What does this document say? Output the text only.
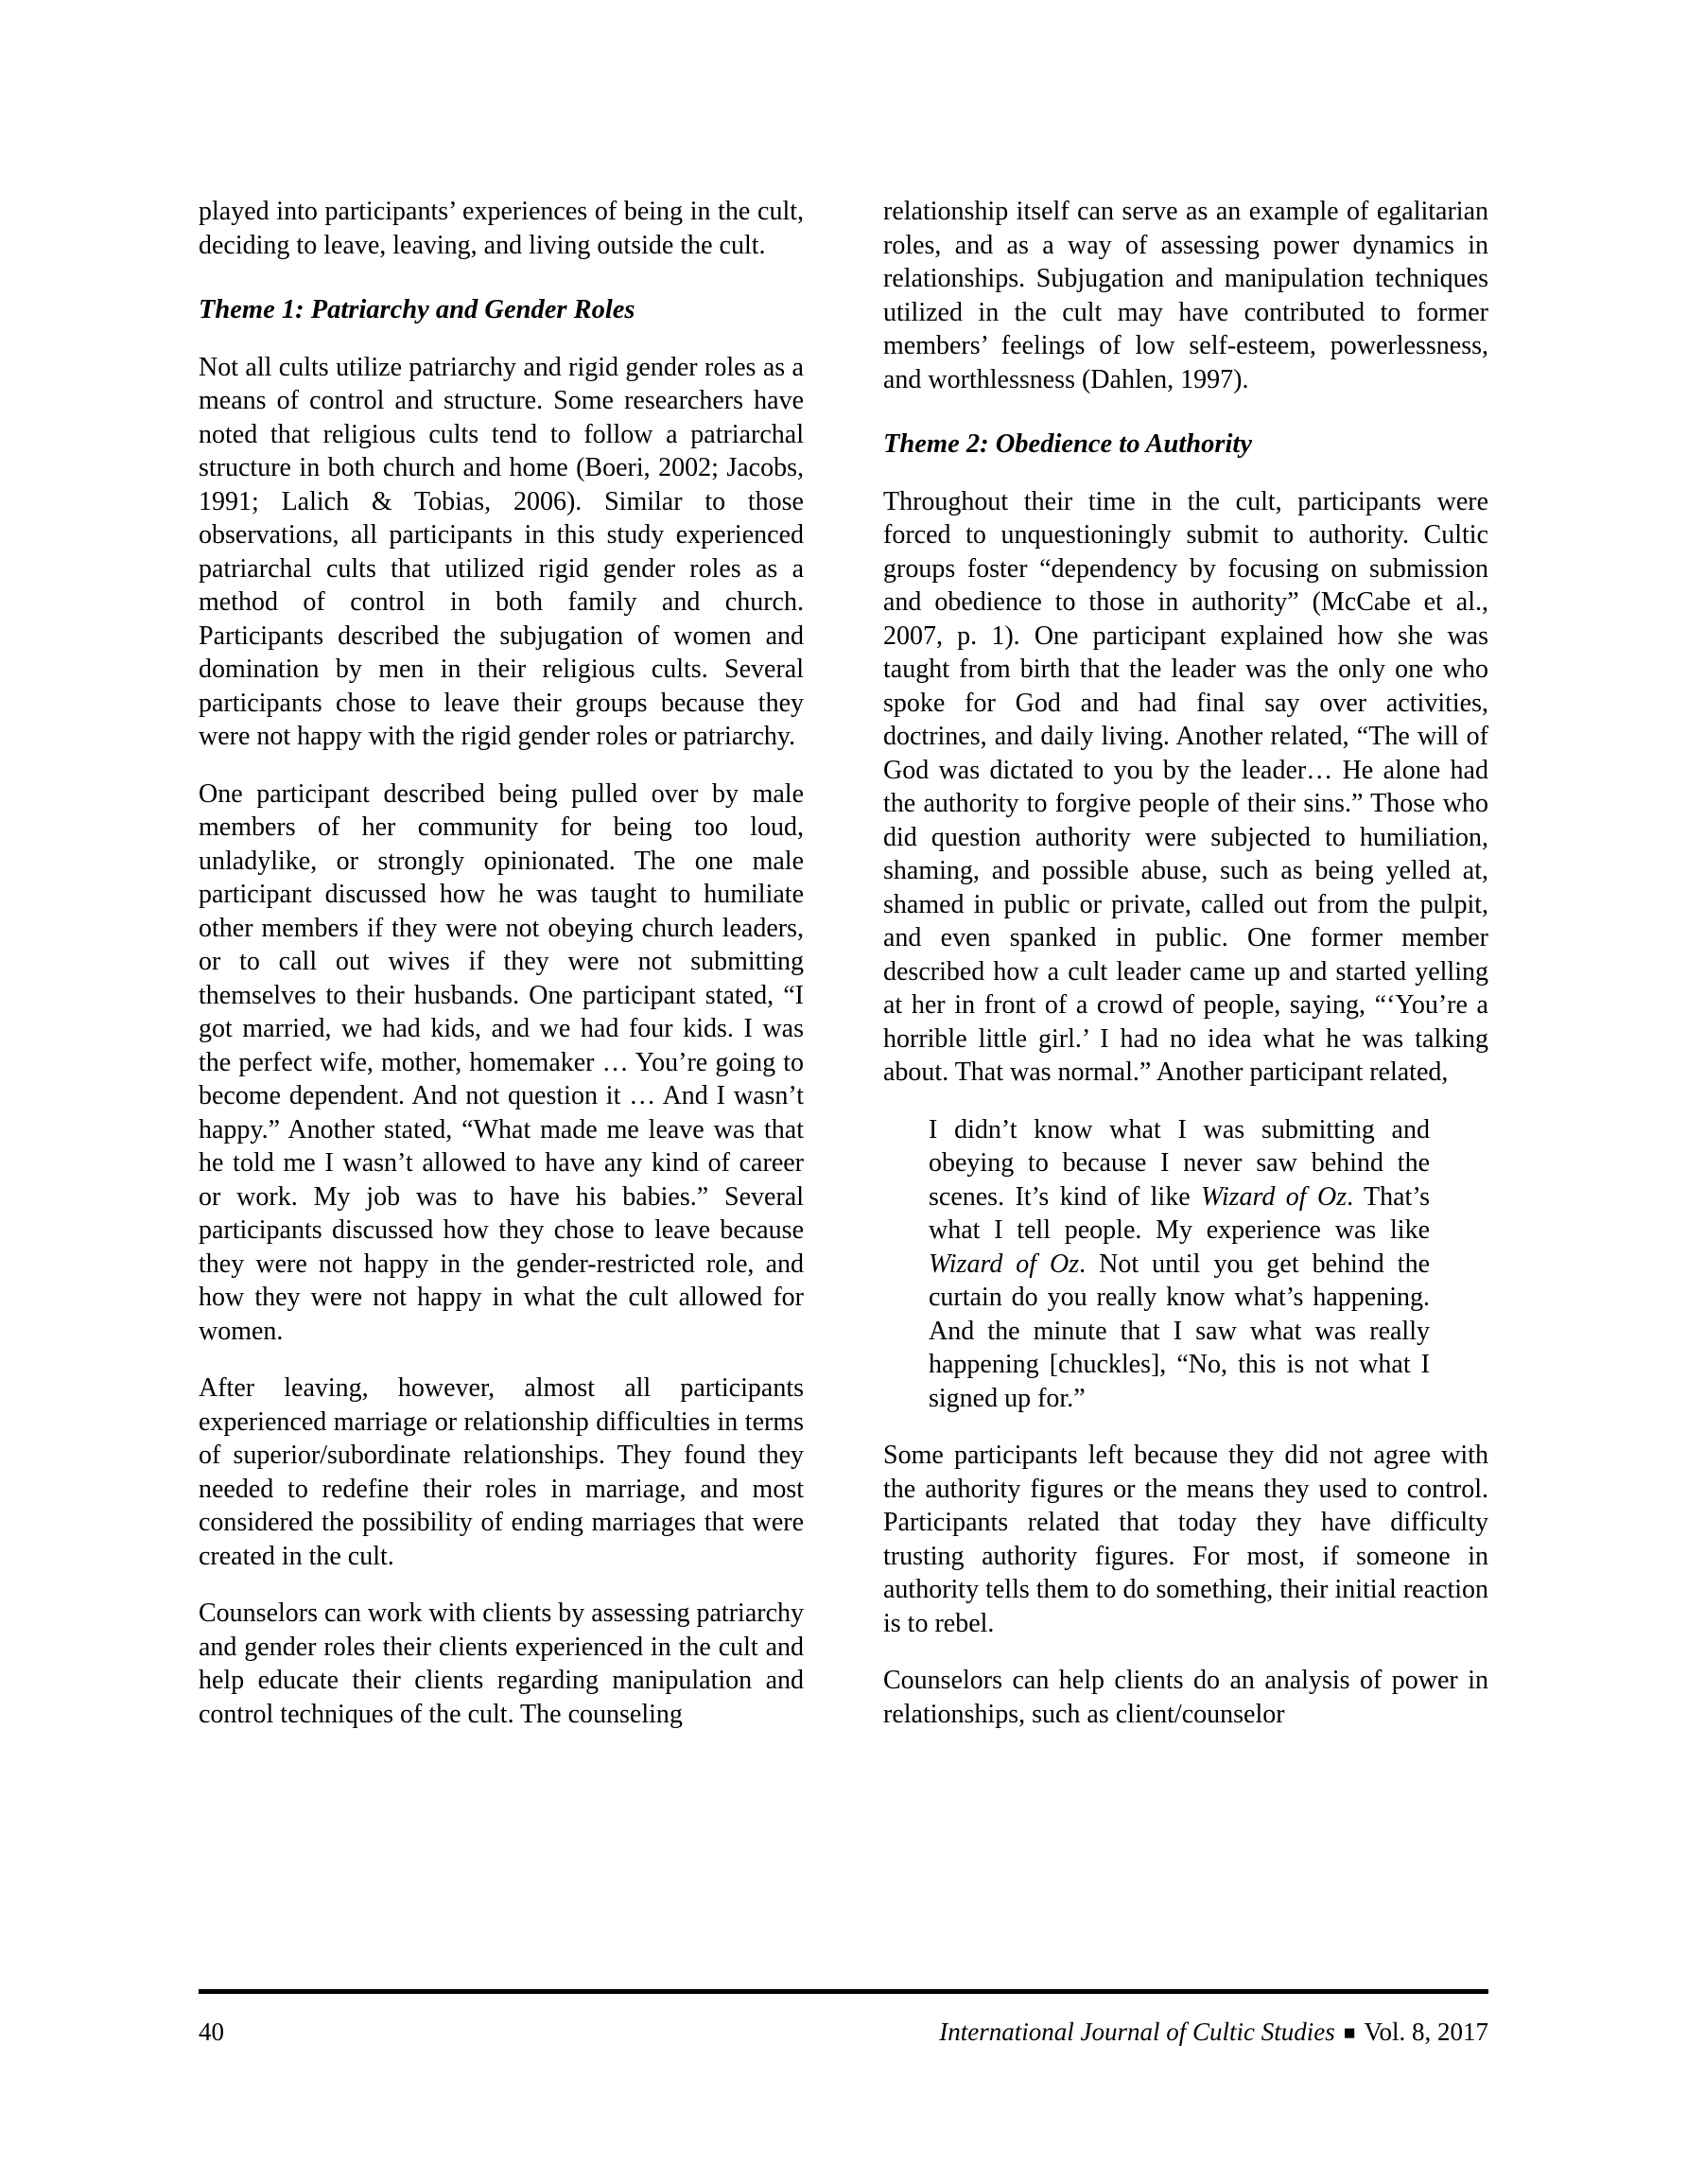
played into participants’ experiences of being in the cult, deciding to leave, leaving, and living outside the cult.

Theme 1: Patriarchy and Gender Roles

Not all cults utilize patriarchy and rigid gender roles as a means of control and structure. Some researchers have noted that religious cults tend to follow a patriarchal structure in both church and home (Boeri, 2002; Jacobs, 1991; Lalich & Tobias, 2006). Similar to those observations, all participants in this study experienced patriarchal cults that utilized rigid gender roles as a method of control in both family and church. Participants described the subjugation of women and domination by men in their religious cults. Several participants chose to leave their groups because they were not happy with the rigid gender roles or patriarchy.

One participant described being pulled over by male members of her community for being too loud, unladylike, or strongly opinionated. The one male participant discussed how he was taught to humiliate other members if they were not obeying church leaders, or to call out wives if they were not submitting themselves to their husbands. One participant stated, “I got married, we had kids, and we had four kids. I was the perfect wife, mother, homemaker … You’re going to become dependent. And not question it … And I wasn’t happy.” Another stated, “What made me leave was that he told me I wasn’t allowed to have any kind of career or work. My job was to have his babies.” Several participants discussed how they chose to leave because they were not happy in the gender-restricted role, and how they were not happy in what the cult allowed for women.

After leaving, however, almost all participants experienced marriage or relationship difficulties in terms of superior/subordinate relationships. They found they needed to redefine their roles in marriage, and most considered the possibility of ending marriages that were created in the cult.

Counselors can work with clients by assessing patriarchy and gender roles their clients experienced in the cult and help educate their clients regarding manipulation and control techniques of the cult. The counseling

relationship itself can serve as an example of egalitarian roles, and as a way of assessing power dynamics in relationships. Subjugation and manipulation techniques utilized in the cult may have contributed to former members’ feelings of low self-esteem, powerlessness, and worthlessness (Dahlen, 1997).

Theme 2: Obedience to Authority

Throughout their time in the cult, participants were forced to unquestioningly submit to authority. Cultic groups foster “dependency by focusing on submission and obedience to those in authority” (McCabe et al., 2007, p. 1). One participant explained how she was taught from birth that the leader was the only one who spoke for God and had final say over activities, doctrines, and daily living. Another related, “The will of God was dictated to you by the leader… He alone had the authority to forgive people of their sins.” Those who did question authority were subjected to humiliation, shaming, and possible abuse, such as being yelled at, shamed in public or private, called out from the pulpit, and even spanked in public. One former member described how a cult leader came up and started yelling at her in front of a crowd of people, saying, “‘You’re a horrible little girl.’ I had no idea what he was talking about. That was normal.” Another participant related,

I didn’t know what I was submitting and obeying to because I never saw behind the scenes. It’s kind of like Wizard of Oz. That’s what I tell people. My experience was like Wizard of Oz. Not until you get behind the curtain do you really know what’s happening. And the minute that I saw what was really happening [chuckles], “No, this is not what I signed up for.”

Some participants left because they did not agree with the authority figures or the means they used to control. Participants related that today they have difficulty trusting authority figures. For most, if someone in authority tells them to do something, their initial reaction is to rebel.

Counselors can help clients do an analysis of power in relationships, such as client/counselor

40	International Journal of Cultic Studies ■ Vol. 8, 2017
